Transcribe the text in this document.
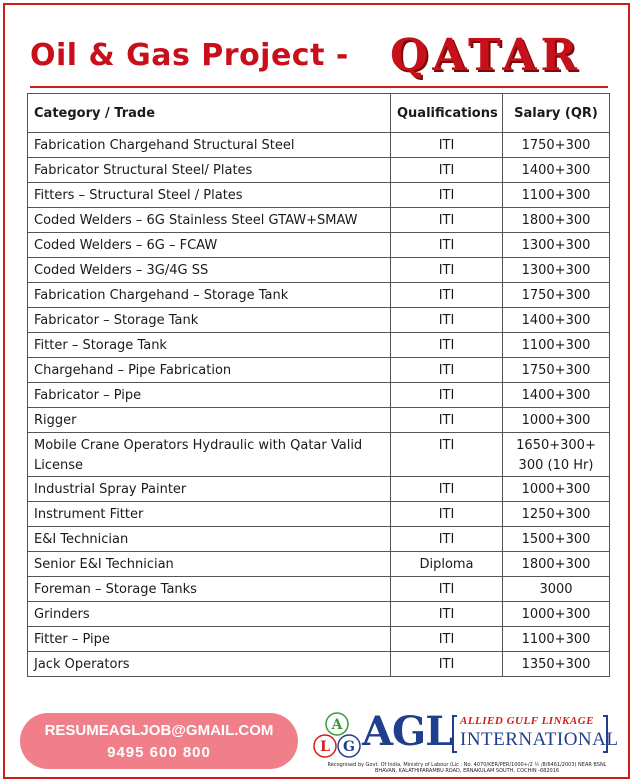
Oil & Gas Project - QATAR
Category / Trade	Qualifications	Salary (QR)
Fabrication Chargehand Structural Steel	ITI	1750+300
Fabricator Structural Steel/ Plates	ITI	1400+300
Fitters – Structural Steel / Plates	ITI	1100+300
Coded Welders – 6G Stainless Steel GTAW+SMAW	ITI	1800+300
Coded Welders – 6G – FCAW	ITI	1300+300
Coded Welders – 3G/4G SS	ITI	1300+300
Fabrication Chargehand – Storage Tank	ITI	1750+300
Fabricator – Storage Tank	ITI	1400+300
Fitter – Storage Tank	ITI	1100+300
Chargehand – Pipe Fabrication	ITI	1750+300
Fabricator – Pipe	ITI	1400+300
Rigger	ITI	1000+300
Mobile Crane Operators Hydraulic with Qatar Valid License	ITI	1650+300+ 300 (10 Hr)
Industrial Spray Painter	ITI	1000+300
Instrument Fitter	ITI	1250+300
E&I Technician	ITI	1500+300
Senior E&I Technician	Diploma	1800+300
Foreman – Storage Tanks	ITI	3000
Grinders	ITI	1000+300
Fitter – Pipe	ITI	1100+300
Jack Operators	ITI	1350+300
RESUMEAGLJOB@GMAIL.COM
9495 600 800
A
L G AGL ALLIED GULF LINKAGE
INTERNATIONAL
Recognised by Govt. Of India, Ministry of Labour (Lic : No. 4070/KER/PER/1000+/2 ½ /8/6461/2003) NEAR BSNL BHAVAN, KALATHIPARAMBU ROAD, ERNAKULAM SOUTH, COCHIN -682016
